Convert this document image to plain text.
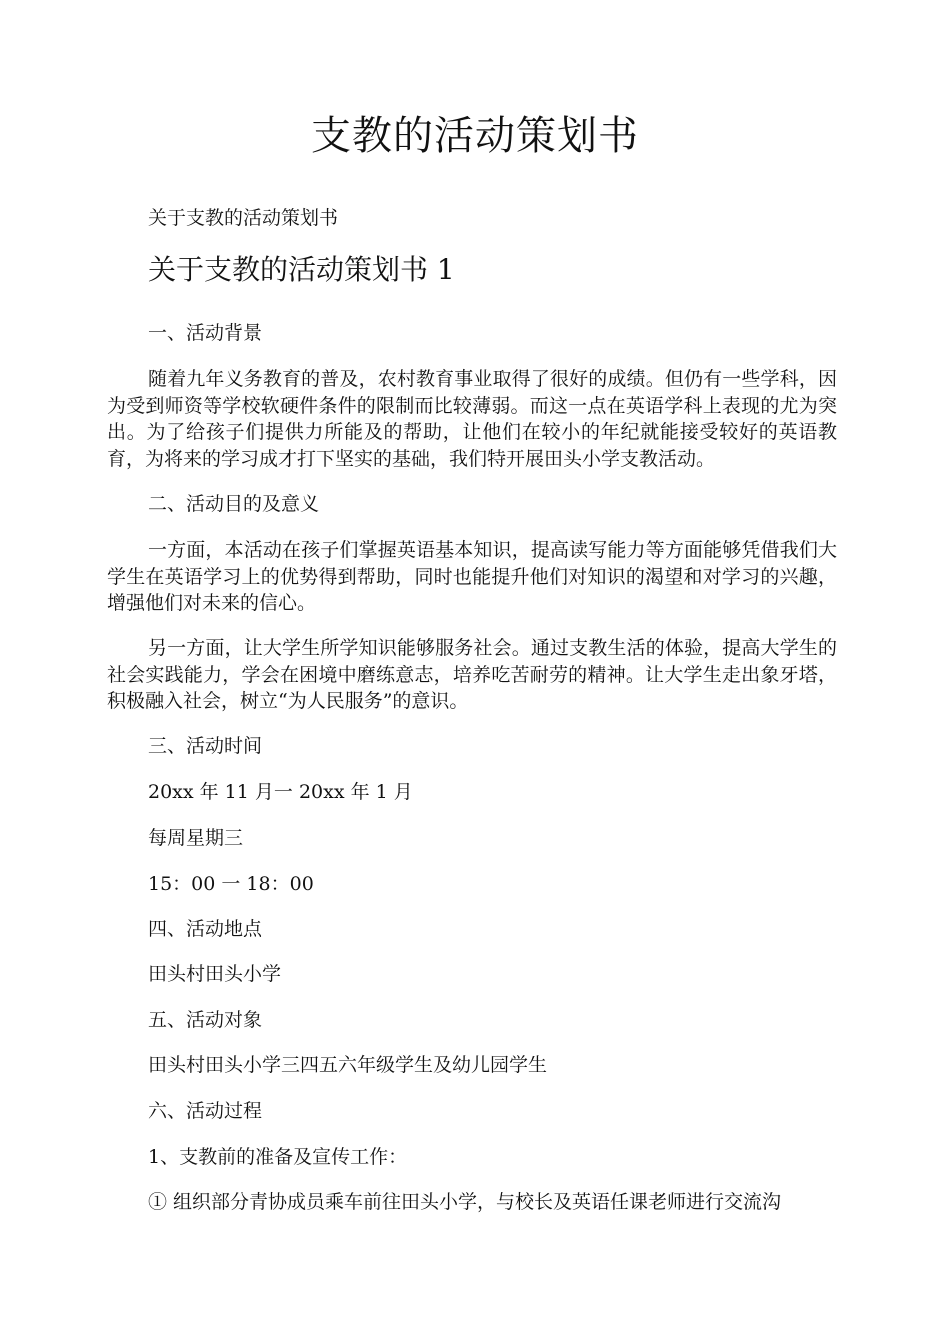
支教的活动策划书
关于支教的活动策划书
关于支教的活动策划书 1
一、活动背景
随着九年义务教育的普及，农村教育事业取得了很好的成绩。但仍有一些学科，因为受到师资等学校软硬件条件的限制而比较薄弱。而这一点在英语学科上表现的尤为突出。为了给孩子们提供力所能及的帮助，让他们在较小的年纪就能接受较好的英语教育，为将来的学习成才打下坚实的基础，我们特开展田头小学支教活动。
二、活动目的及意义
一方面，本活动在孩子们掌握英语基本知识，提高读写能力等方面能够凭借我们大学生在英语学习上的优势得到帮助，同时也能提升他们对知识的渴望和对学习的兴趣，增强他们对未来的信心。
另一方面，让大学生所学知识能够服务社会。通过支教生活的体验，提高大学生的社会实践能力，学会在困境中磨练意志，培养吃苦耐劳的精神。让大学生走出象牙塔，积极融入社会，树立“为人民服务”的意识。
三、活动时间
20xx 年 11 月一 20xx 年 1 月
每周星期三
15：00 一 18：00
四、活动地点
田头村田头小学
五、活动对象
田头村田头小学三四五六年级学生及幼儿园学生
六、活动过程
1、支教前的准备及宣传工作：
① 组织部分青协成员乘车前往田头小学，与校长及英语任课老师进行交流沟
